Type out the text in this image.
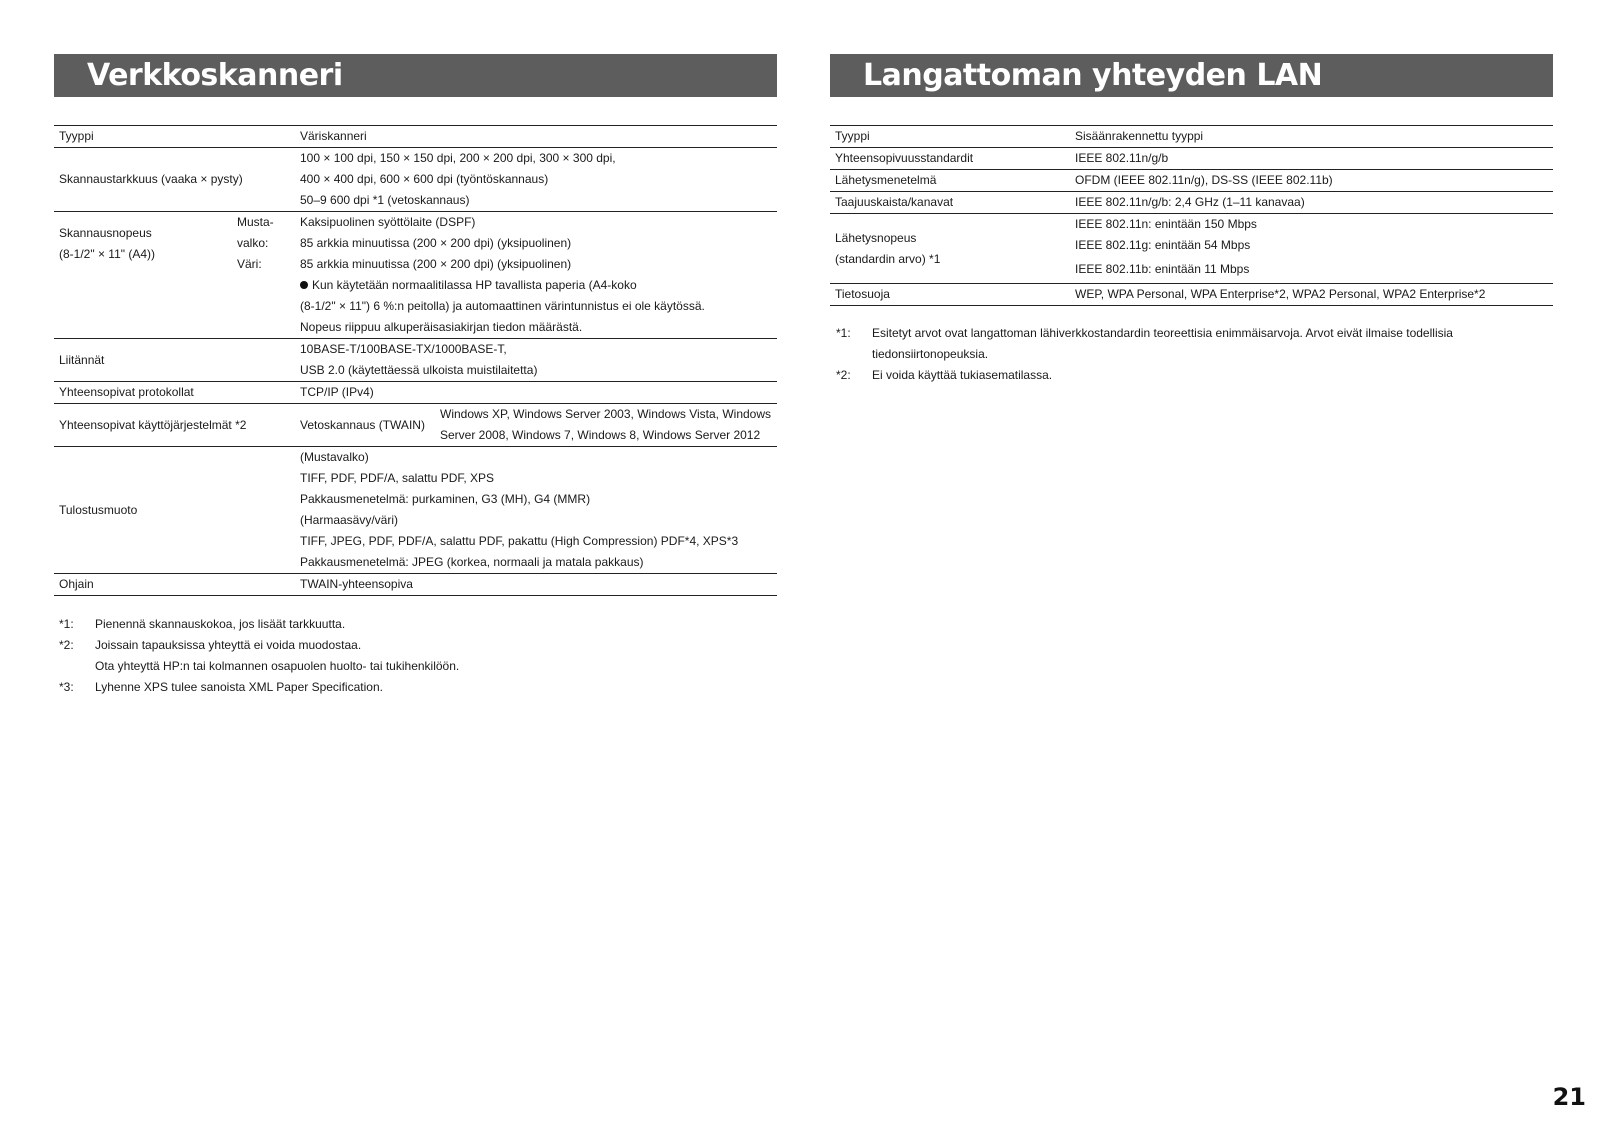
Verkkoskanneri	Langattoman yhteyden LAN
Tyyppi		Väriskanneri	
Skannaustarkkuus (vaaka × pysty)		100 × 100 dpi, 150 × 150 dpi, 200 × 200 dpi, 300 × 300 dpi,	
		400 × 400 dpi, 600 × 600 dpi (työntöskannaus)	
		50–9 600 dpi *1 (vetoskannaus)	

Skannausnopeus
(8-1/2" × 11" (A4))	Musta-	Kaksipuolinen syöttölaite (DSPF)	
	valko:	85 arkkia minuutissa (200 × 200 dpi) (yksipuolinen)	
	Väri:	85 arkkia minuutissa (200 × 200 dpi) (yksipuolinen)	
		Kun käytetään normaalitilassa HP tavallista paperia (A4-koko	
		(8-1/2" × 11") 6 %:n peitolla) ja automaattinen värintunnistus ei ole käytössä.	
		Nopeus riippuu alkuperäisasiakirjan tiedon määrästä.	
Liitännät		10BASE-T/100BASE-TX/1000BASE-T,	
		USB 2.0 (käytettäessä ulkoista muistilaitetta)	
Yhteensopivat protokollat		TCP/IP (IPv4)	
Yhteensopivat käyttöjärjestelmät *2		Vetoskannaus (TWAIN)	Windows XP, Windows Server 2003, Windows Vista, Windows
			Server 2008, Windows 7, Windows 8, Windows Server 2012
Tulostusmuoto		(Mustavalko)	
		TIFF, PDF, PDF/A, salattu PDF, XPS	
		Pakkausmenetelmä: purkaminen, G3 (MH), G4 (MMR)	
		(Harmaasävy/väri)	
		TIFF, JPEG, PDF, PDF/A, salattu PDF, pakattu (High Compression) PDF*4, XPS*3	
		Pakkausmenetelmä: JPEG (korkea, normaali ja matala pakkaus)	
Ohjain		TWAIN-yhteensopiva	
*1:	Pienennä skannauskokoa, jos lisäät tarkkuutta.
*2:	Joissain tapauksissa yhteyttä ei voida muodostaa.
Ota yhteyttä HP:n tai kolmannen osapuolen huolto- tai tukihenkilöön.
*3:	Lyhenne XPS tulee sanoista XML Paper Specification.
Tyyppi	Sisäänrakennettu tyyppi
Yhteensopivuusstandardit	IEEE 802.11n/g/b
Lähetysmenetelmä	OFDM (IEEE 802.11n/g), DS-SS (IEEE 802.11b)
Taajuuskaista/kanavat	IEEE 802.11n/g/b: 2,4 GHz (1–11 kanavaa)

Lähetysnopeus
(standardin arvo) *1	IEEE 802.11n: enintään 150 Mbps
	IEEE 802.11g: enintään 54 Mbps
	IEEE 802.11b: enintään 11 Mbps
Tietosuoja	WEP, WPA Personal, WPA Enterprise*2, WPA2 Personal, WPA2 Enterprise*2
*1:	Esitetyt arvot ovat langattoman lähiverkkostandardin teoreettisia enimmäisarvoja. Arvot eivät ilmaise todellisia tiedonsiirtonopeuksia.
*2:	Ei voida käyttää tukiasematilassa.
21
